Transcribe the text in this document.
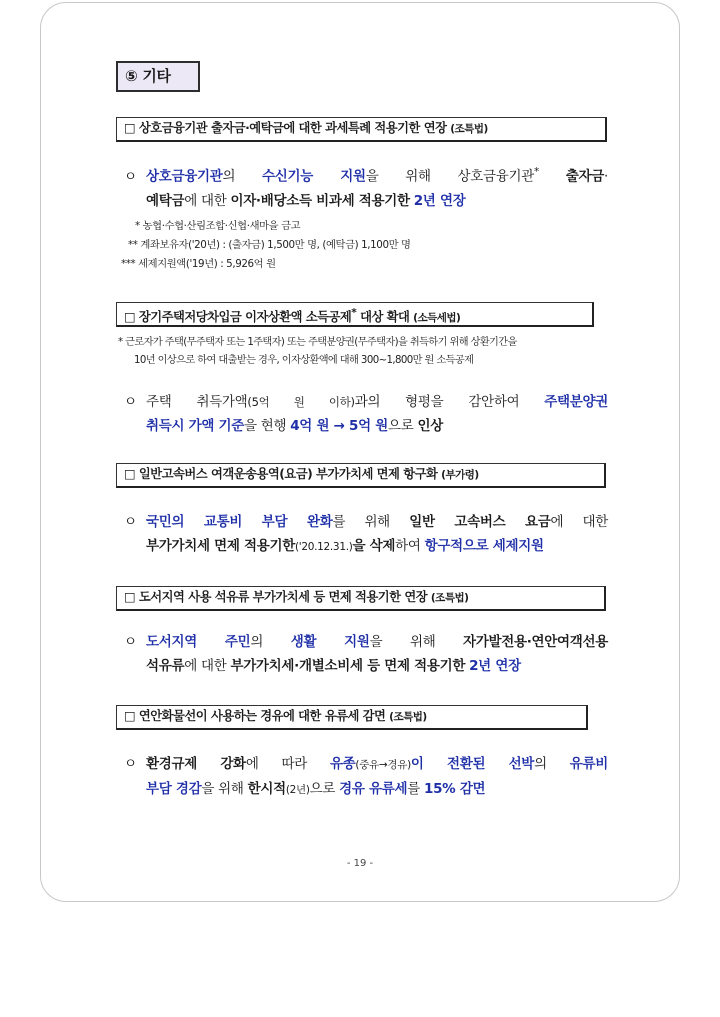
⑤ 기타
□ 상호금융기관 출자금·예탁금에 대한 과세특례 적용기한 연장 (조특법)
ㅇ 상호금융기관의 수신기능 지원을 위해 상호금융기관* 출자금·
예탁금에 대한 이자·배당소득 비과세 적용기한 2년 연장
* 농협·수협·산림조합·신협·새마을 금고
** 계좌보유자('20년) : (출자금) 1,500만 명, (예탁금) 1,100만 명
*** 세제지원액('19년) : 5,926억 원
□ 장기주택저당차입금 이자상환액 소득공제* 대상 확대 (소득세법)
* 근로자가 주택(무주택자 또는 1주택자) 또는 주택분양권(무주택자)을 취득하기 위해 상환기간을
10년 이상으로 하여 대출받는 경우, 이자상환액에 대해 300~1,800만 원 소득공제
ㅇ 주택 취득가액(5억 원 이하)과의 형평을 감안하여 주택분양권
취득시 가액 기준을 현행 4억 원 → 5억 원으로 인상
□ 일반고속버스 여객운송용역(요금) 부가가치세 면제 항구화 (부가령)
ㅇ 국민의 교통비 부담 완화를 위해 일반 고속버스 요금에 대한
부가가치세 면제 적용기한('20.12.31.)을 삭제하여 항구적으로 세제지원
□ 도서지역 사용 석유류 부가가치세 등 면제 적용기한 연장 (조특법)
ㅇ 도서지역 주민의 생활 지원을 위해 자가발전용·연안여객선용
석유류에 대한 부가가치세·개별소비세 등 면제 적용기한 2년 연장
□ 연안화물선이 사용하는 경유에 대한 유류세 감면 (조특법)
ㅇ 환경규제 강화에 따라 유종(중유→경유)이 전환된 선박의 유류비
부담 경감을 위해 한시적(2년)으로 경유 유류세를 15% 감면
- 19 -
